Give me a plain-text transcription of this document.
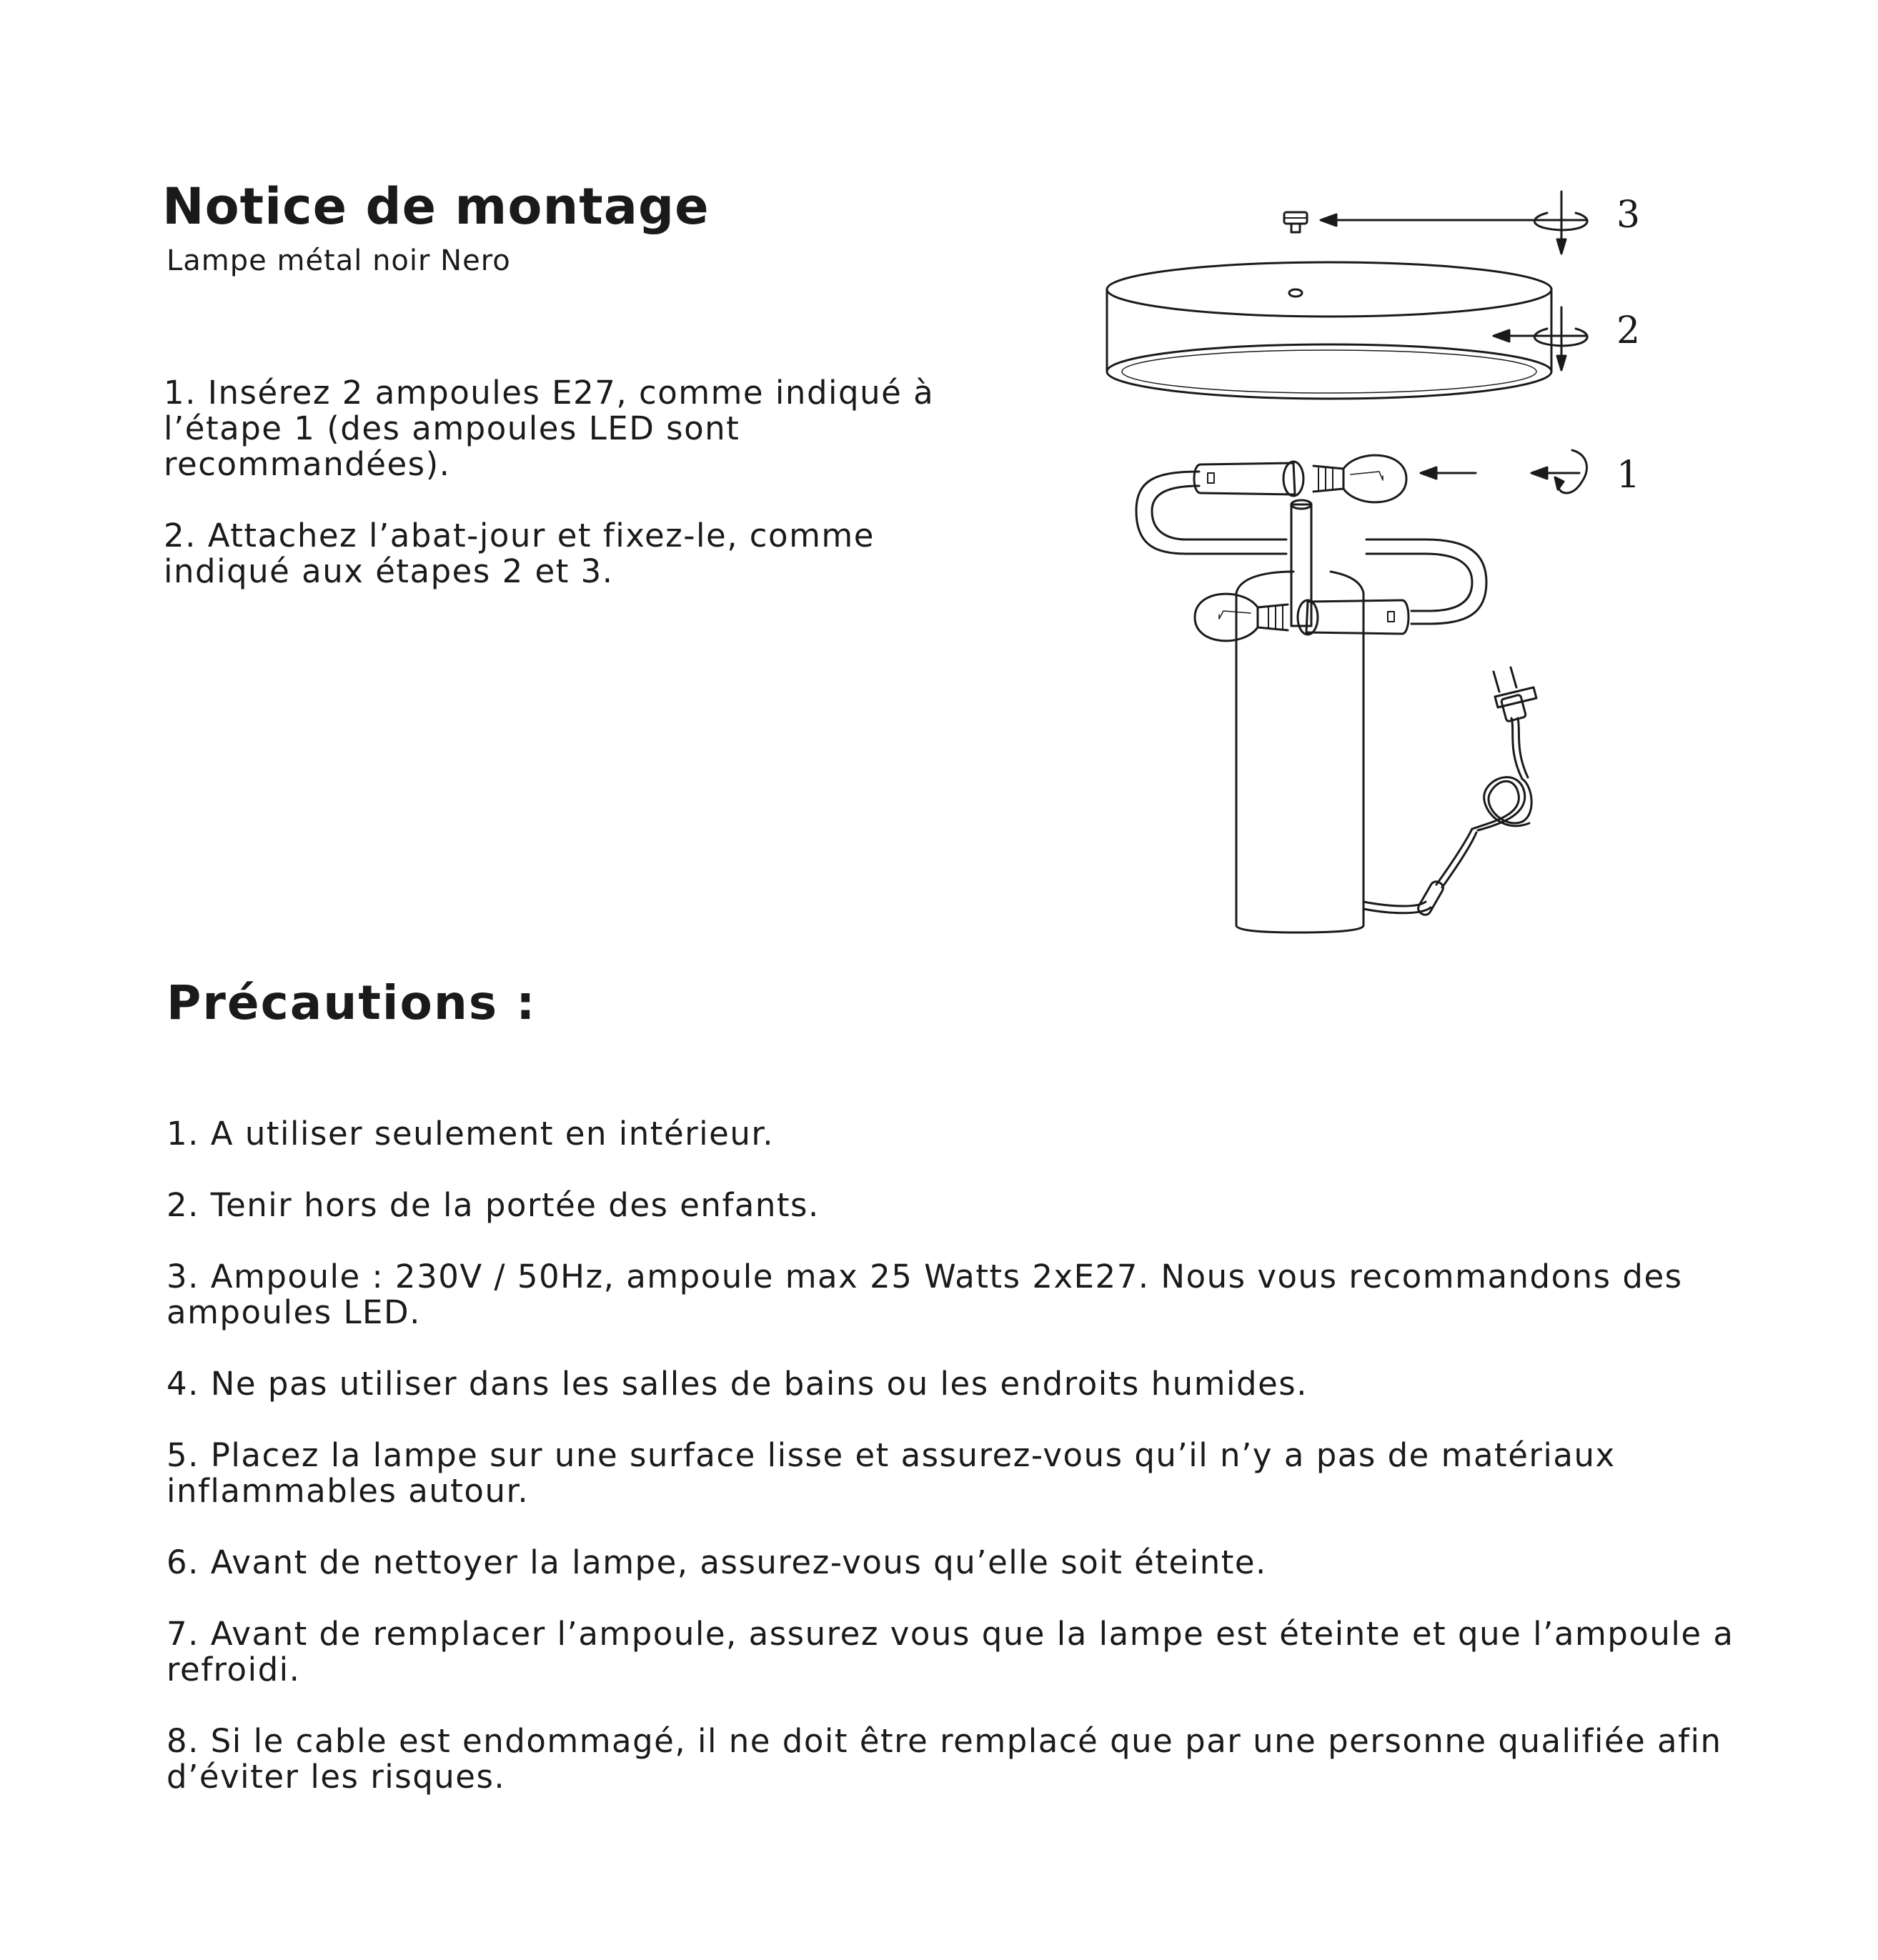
Notice de montage
Lampe métal noir Nero
1. Insérez 2 ampoules E27, comme indiqué à l’étape 1 (des ampoules LED sont recommandées).
2. Attachez l’abat-jour et fixez-le, comme indiqué aux étapes 2 et 3.
3
2
1
Précautions :
1. A utiliser seulement en intérieur.
2. Tenir hors de la portée des enfants.
3. Ampoule : 230V / 50Hz, ampoule max 25 Watts 2xE27. Nous vous recommandons des ampoules LED.
4. Ne pas utiliser dans les salles de bains ou les endroits humides.
5. Placez la lampe sur une surface lisse et assurez-vous qu’il n’y a pas de matériaux inflammables autour.
6. Avant de nettoyer la lampe, assurez-vous qu’elle soit éteinte.
7. Avant de remplacer l’ampoule, assurez vous que la lampe est éteinte et que l’ampoule a refroidi.
8. Si le cable est endommagé, il ne doit être remplacé que par une personne qualifiée afin d’éviter les risques.
